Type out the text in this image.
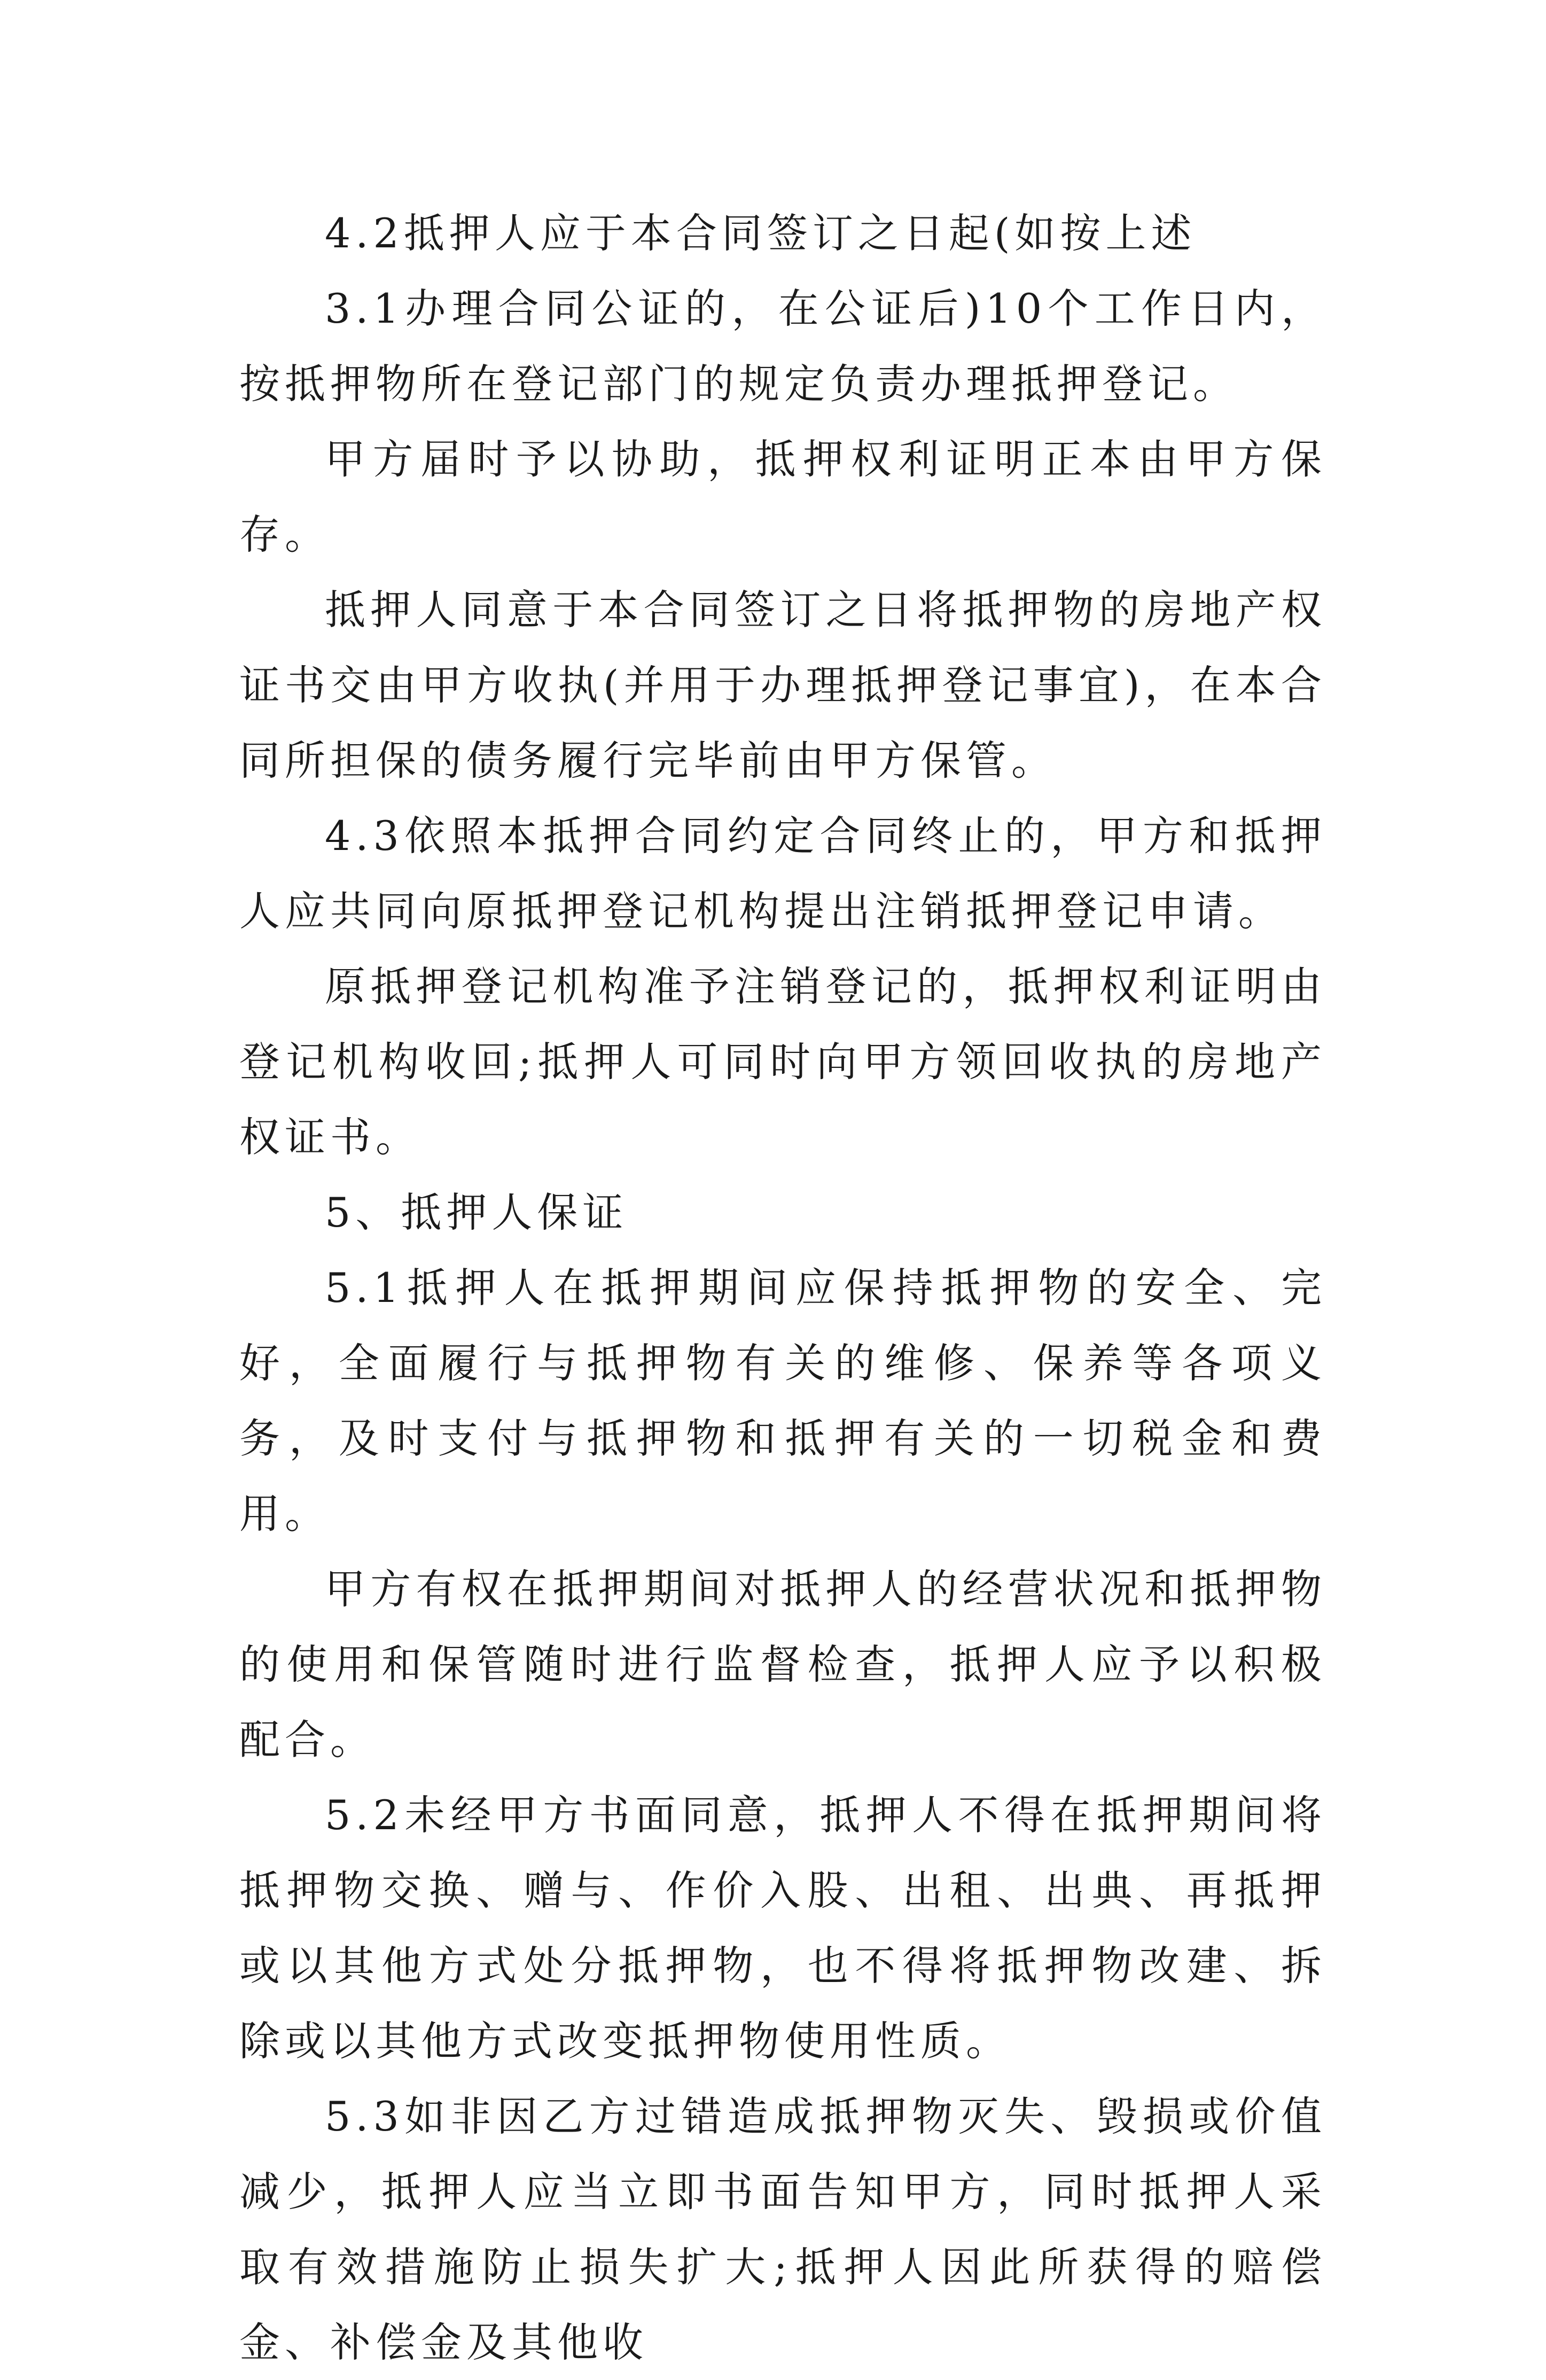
4.2抵押人应于本合同签订之日起(如按上述

3.1办理合同公证的，在公证后)10个工作日内，按抵押物所在登记部门的规定负责办理抵押登记。

甲方届时予以协助，抵押权利证明正本由甲方保存。

抵押人同意于本合同签订之日将抵押物的房地产权证书交由甲方收执(并用于办理抵押登记事宜)，在本合同所担保的债务履行完毕前由甲方保管。

4.3依照本抵押合同约定合同终止的，甲方和抵押人应共同向原抵押登记机构提出注销抵押登记申请。

原抵押登记机构准予注销登记的，抵押权利证明由登记机构收回;抵押人可同时向甲方领回收执的房地产权证书。

5、抵押人保证

5.1抵押人在抵押期间应保持抵押物的安全、完好，全面履行与抵押物有关的维修、保养等各项义务，及时支付与抵押物和抵押有关的一切税金和费用。

甲方有权在抵押期间对抵押人的经营状况和抵押物的使用和保管随时进行监督检查，抵押人应予以积极配合。

5.2未经甲方书面同意，抵押人不得在抵押期间将抵押物交换、赠与、作价入股、出租、出典、再抵押或以其他方式处分抵押物，也不得将抵押物改建、拆除或以其他方式改变抵押物使用性质。

5.3如非因乙方过错造成抵押物灭失、毁损或价值减少，抵押人应当立即书面告知甲方，同时抵押人采取有效措施防止损失扩大;抵押人因此所获得的赔偿金、补偿金及其他收
